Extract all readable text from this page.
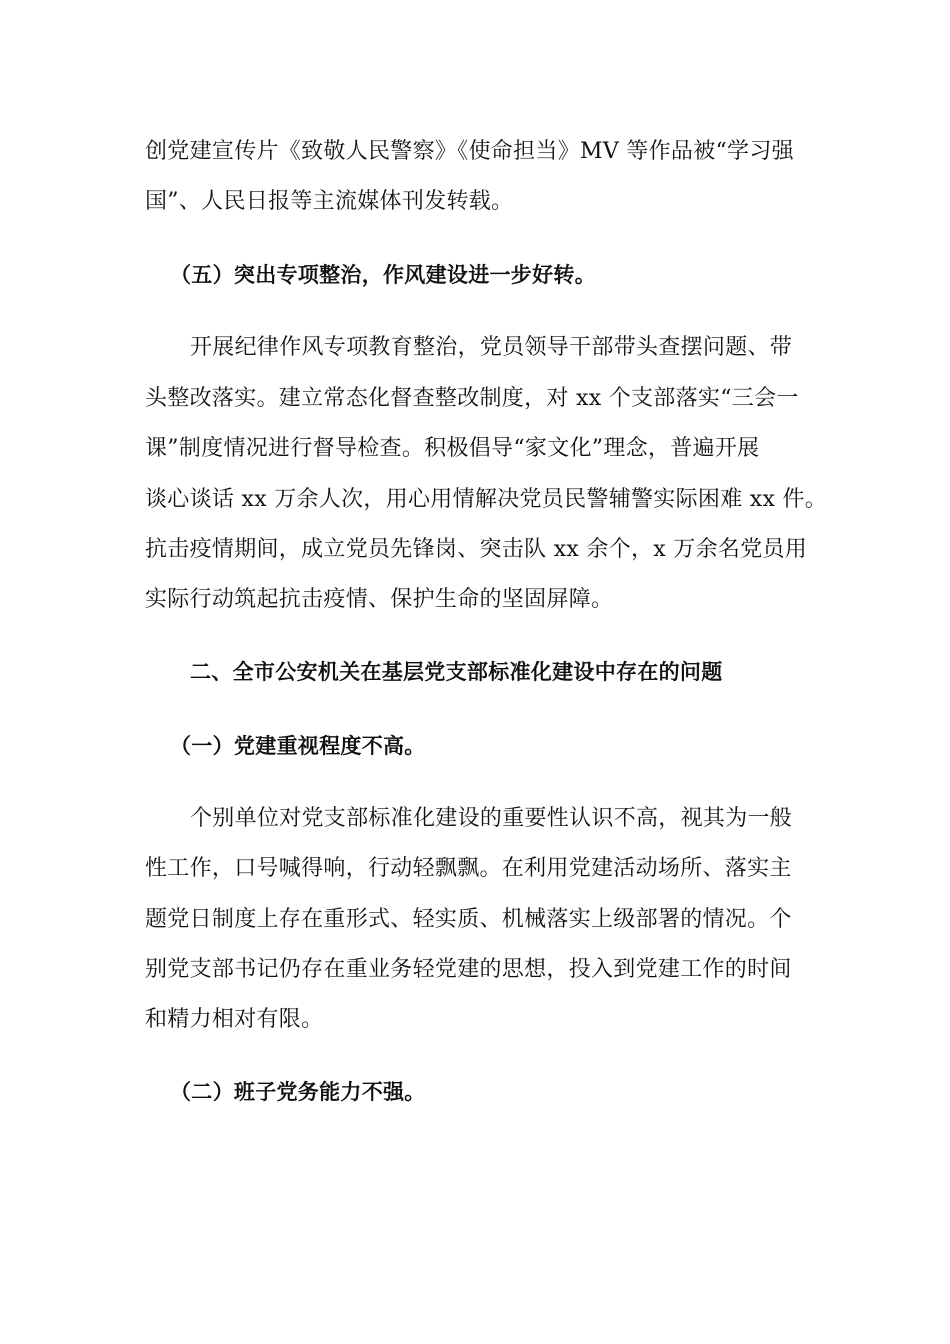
创党建宣传片《致敬人民警察》《使命担当》MV 等作品被“学习强
国”、人民日报等主流媒体刊发转载。
（五）突出专项整治，作风建设进一步好转。
开展纪律作风专项教育整治，党员领导干部带头查摆问题、带
头整改落实。建立常态化督查整改制度，对 xx 个支部落实“三会一
课”制度情况进行督导检查。积极倡导“家文化”理念，普遍开展
谈心谈话 xx 万余人次，用心用情解决党员民警辅警实际困难 xx 件。
抗击疫情期间，成立党员先锋岗、突击队 xx 余个，x 万余名党员用
实际行动筑起抗击疫情、保护生命的坚固屏障。
二、全市公安机关在基层党支部标准化建设中存在的问题
（一）党建重视程度不高。
个别单位对党支部标准化建设的重要性认识不高，视其为一般
性工作，口号喊得响，行动轻飘飘。在利用党建活动场所、落实主
题党日制度上存在重形式、轻实质、机械落实上级部署的情况。个
别党支部书记仍存在重业务轻党建的思想，投入到党建工作的时间
和精力相对有限。
（二）班子党务能力不强。
